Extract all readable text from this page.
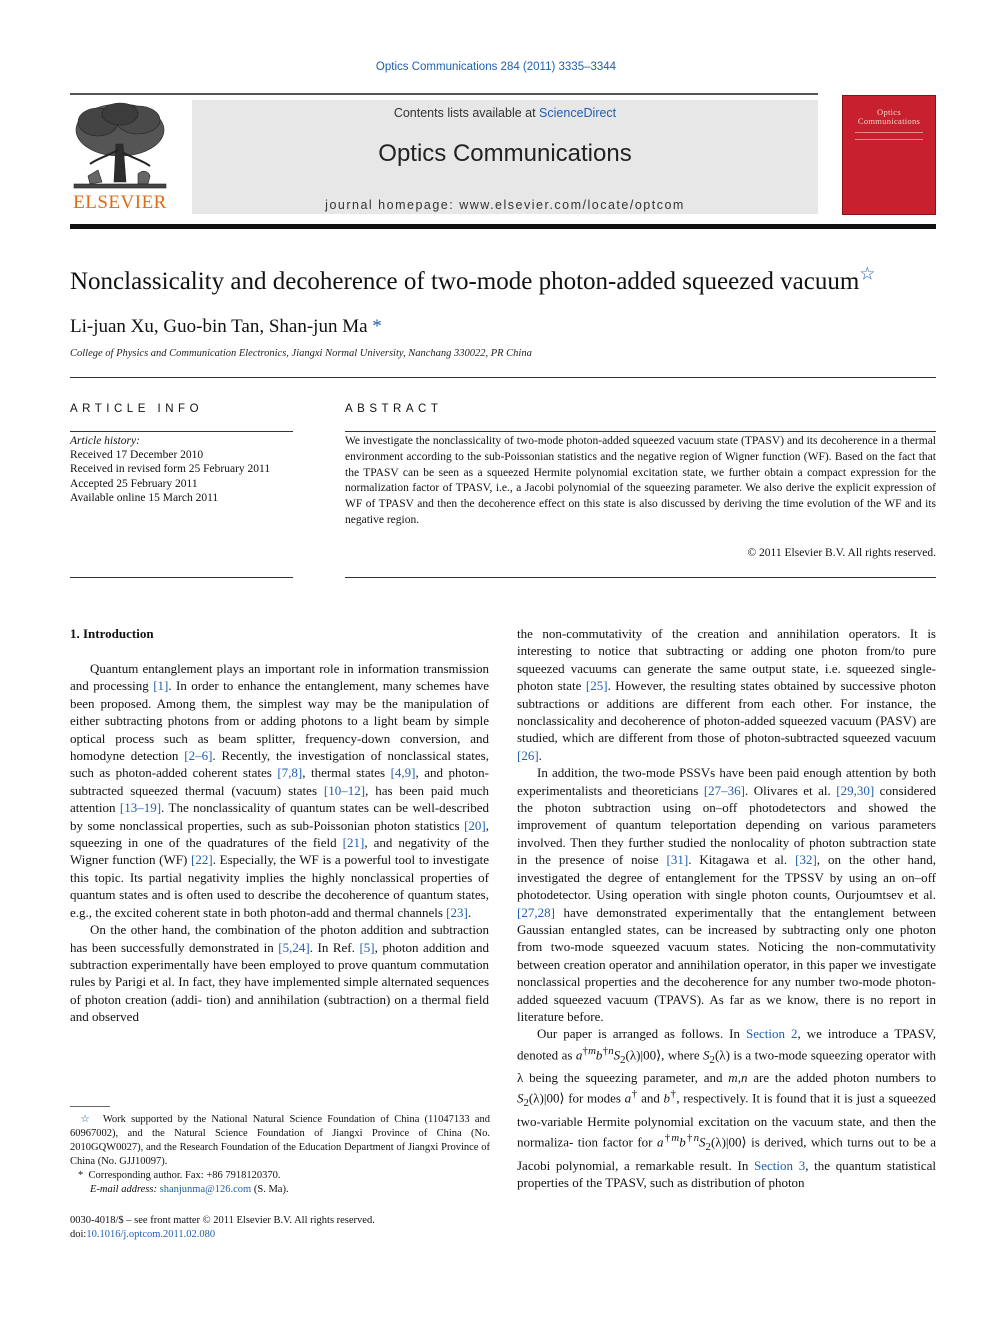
Optics Communications 284 (2011) 3335–3344
ELSEVIER
Contents lists available at ScienceDirect
Optics Communications
journal homepage: www.elsevier.com/locate/optcom
Optics
Communications
Nonclassicality and decoherence of two-mode photon-added squeezed vacuum☆
Li-juan Xu, Guo-bin Tan, Shan-jun Ma *
College of Physics and Communication Electronics, Jiangxi Normal University, Nanchang 330022, PR China
ARTICLE INFO
Article history:
Received 17 December 2010
Received in revised form 25 February 2011
Accepted 25 February 2011
Available online 15 March 2011
ABSTRACT
We investigate the nonclassicality of two-mode photon-added squeezed vacuum state (TPASV) and its decoherence in a thermal environment according to the sub-Poissonian statistics and the negative region of Wigner function (WF). Based on the fact that the TPASV can be seen as a squeezed Hermite polynomial excitation state, we further obtain a compact expression for the normalization factor of TPASV, i.e., a Jacobi polynomial of the squeezing parameter. We also derive the explicit expression of WF of TPASV and then the decoherence effect on this state is also discussed by deriving the time evolution of the WF and its negative region.
© 2011 Elsevier B.V. All rights reserved.
1. Introduction

Quantum entanglement plays an important role in information transmission and processing [1]. In order to enhance the entanglement, many schemes have been proposed. Among them, the simplest way may be the manipulation of either subtracting photons from or adding photons to a light beam by simple optical process such as beam splitter, frequency-down conversion, and homodyne detection [2–6]. Recently, the investigation of nonclassical states, such as photon-added coherent states [7,8], thermal states [4,9], and photon-subtracted squeezed thermal (vacuum) states [10–12], has been paid much attention [13–19]. The nonclassicality of quantum states can be well-described by some nonclassical properties, such as sub-Poissonian photon statistics [20], squeezing in one of the quadratures of the field [21], and negativity of the Wigner function (WF) [22]. Especially, the WF is a powerful tool to investigate this topic. Its partial negativity implies the highly nonclassical properties of quantum states and is often used to describe the decoherence of quantum states, e.g., the excited coherent state in both photon-add and thermal channels [23].

On the other hand, the combination of the photon addition and subtraction has been successfully demonstrated in [5,24]. In Ref. [5], photon addition and subtraction experimentally have been employed to prove quantum commutation rules by Parigi et al. In fact, they have implemented simple alternated sequences of photon creation (addi- tion) and annihilation (subtraction) on a thermal field and observed

the non-commutativity of the creation and annihilation operators. It is interesting to notice that subtracting or adding one photon from/to pure squeezed vacuums can generate the same output state, i.e. squeezed single-photon state [25]. However, the resulting states obtained by successive photon subtractions or additions are different from each other. For instance, the nonclassicality and decoherence of photon-added squeezed vacuum (PASV) are studied, which are different from those of photon-subtracted squeezed vacuum [26].

In addition, the two-mode PSSVs have been paid enough attention by both experimentalists and theoreticians [27–36]. Olivares et al. [29,30] considered the photon subtraction using on–off photodetectors and showed the improvement of quantum teleportation depending on various parameters involved. Then they further studied the nonlocality of photon subtraction state in the presence of noise [31]. Kitagawa et al. [32], on the other hand, investigated the degree of entanglement for the TPSSV by using an on–off photodetector. Using operation with single photon counts, Ourjoumtsev et al. [27,28] have demonstrated experimentally that the entanglement between Gaussian entangled states, can be increased by subtracting only one photon from two-mode squeezed vacuum states. Noticing the non-commutativity between creation operator and annihilation operator, in this paper we investigate nonclassical properties and the decoherence for any number two-mode photon-added squeezed vacuum (TPAVS). As far as we know, there is no report in literature before.

Our paper is arranged as follows. In Section 2, we introduce a TPASV, denoted as $a^{\dagger m}b^{\dagger n}S_2(\lambda)|00⟩$, where $S_2(\lambda)$ is a two-mode squeezing operator with λ being the squeezing parameter, and m,n are the added photon numbers to $S_2(\lambda)|00⟩$ for modes a† and b†, respectively. It is found that it is just a squeezed two-variable Hermite polynomial excitation on the vacuum state, and then the normaliza- tion factor for $a^{\dagger m}b^{\dagger n}S_2(\lambda)|00⟩$ is derived, which turns out to be a Jacobi polynomial, a remarkable result. In Section 3, the quantum statistical properties of the TPASV, such as distribution of photon

☆ Work supported by the National Natural Science Foundation of China (11047133 and 60967002), and the Natural Science Foundation of Jiangxi Province of China (No. 2010GQW0027), and the Research Foundation of the Education Department of Jiangxi Province of China (No. GJJ10097).
* Corresponding author. Fax: +86 7918120370.
E-mail address: shanjunma@126.com (S. Ma).
0030-4018/$ – see front matter © 2011 Elsevier B.V. All rights reserved.
doi:10.1016/j.optcom.2011.02.080
